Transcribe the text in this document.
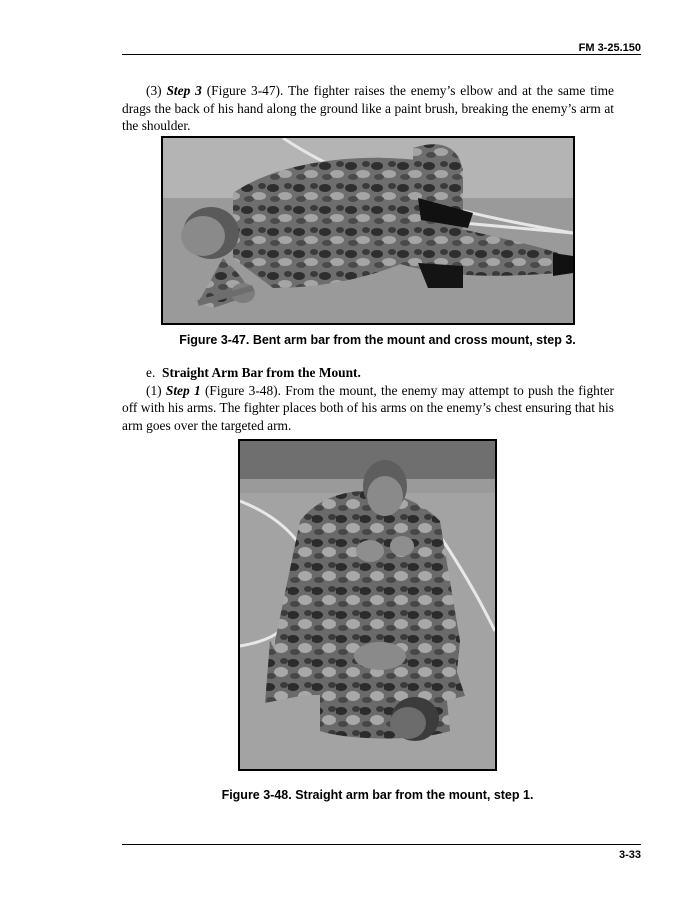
FM 3-25.150

(3) Step 3 (Figure 3-47). The fighter raises the enemy’s elbow and at the same time drags the back of his hand along the ground like a paint brush, breaking the enemy’s arm at the shoulder.

Figure 3-47. Bent arm bar from the mount and cross mount, step 3.

e. Straight Arm Bar from the Mount.

(1) Step 1 (Figure 3-48). From the mount, the enemy may attempt to push the fighter off with his arms. The fighter places both of his arms on the enemy’s chest ensuring that his arm goes over the targeted arm.

Figure 3-48. Straight arm bar from the mount, step 1.
3-33
